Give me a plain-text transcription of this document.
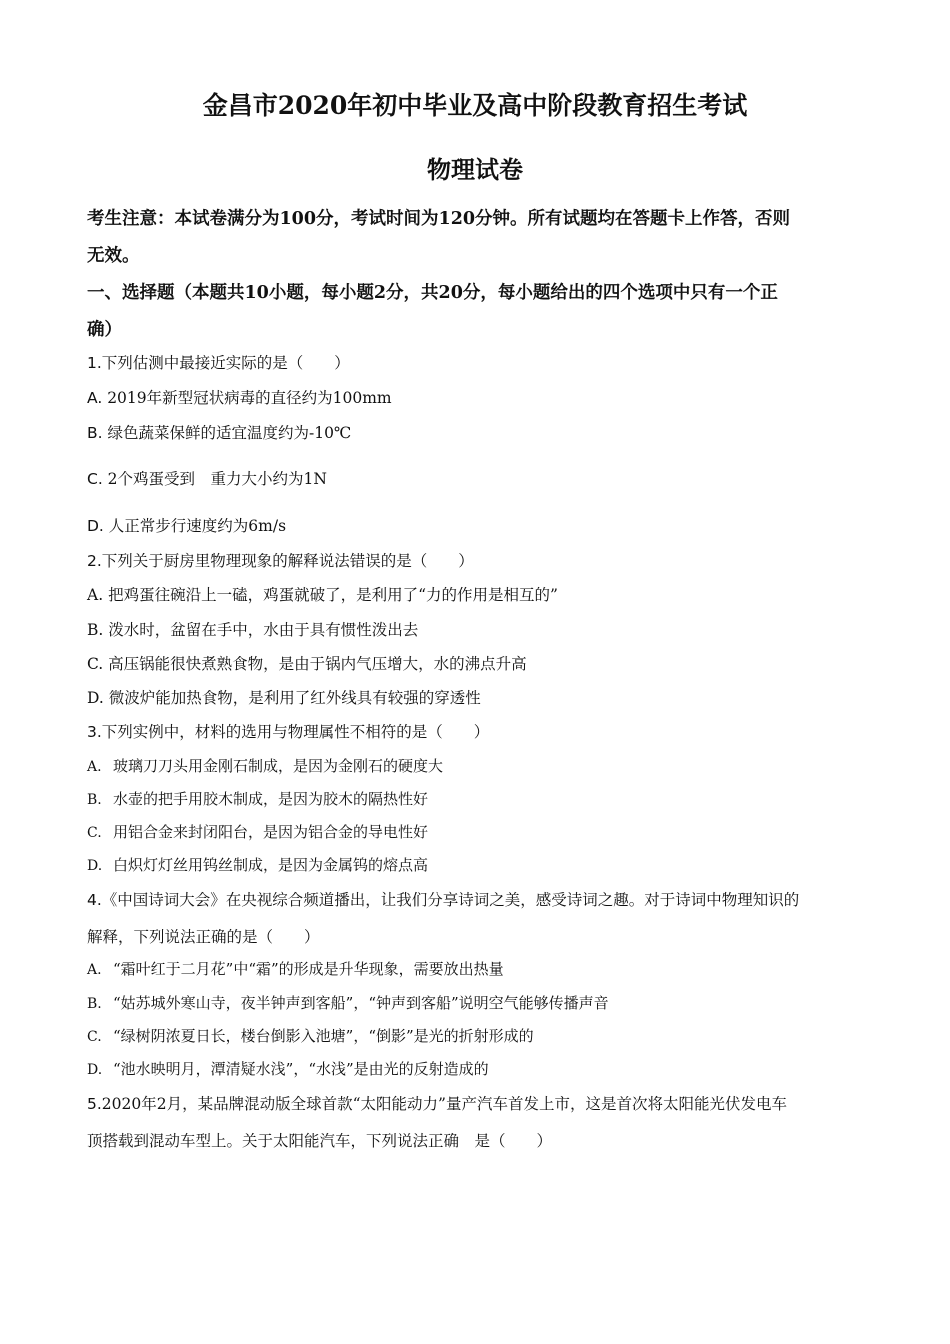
金昌市2020年初中毕业及高中阶段教育招生考试
物理试卷
考生注意：本试卷满分为100分，考试时间为120分钟。所有试题均在答题卡上作答，否则
无效。
一、选择题（本题共10小题，每小题2分，共20分，每小题给出的四个选项中只有一个正
确）
1.下列估测中最接近实际的是（　　）
A. 2019年新型冠状病毒的直径约为100mm
B. 绿色蔬菜保鲜的适宜温度约为-10℃
C. 2个鸡蛋受到　重力大小约为1N
D. 人正常步行速度约为6m/s
2.下列关于厨房里物理现象的解释说法错误的是（　　）
A. 把鸡蛋往碗沿上一磕，鸡蛋就破了，是利用了“力的作用是相互的”
B. 泼水时，盆留在手中，水由于具有惯性泼出去
C. 高压锅能很快煮熟食物，是由于锅内气压增大，水的沸点升高
D. 微波炉能加热食物，是利用了红外线具有较强的穿透性
3.下列实例中，材料的选用与物理属性不相符的是（　　）
A. 玻璃刀刀头用金刚石制成，是因为金刚石的硬度大
B. 水壶的把手用胶木制成，是因为胶木的隔热性好
C. 用铝合金来封闭阳台，是因为铝合金的导电性好
D. 白炽灯灯丝用钨丝制成，是因为金属钨的熔点高
4.《中国诗词大会》在央视综合频道播出，让我们分享诗词之美，感受诗词之趣。对于诗词中物理知识的
解释，下列说法正确的是（　　）
A. “霜叶红于二月花”中“霜”的形成是升华现象，需要放出热量
B. “姑苏城外寒山寺，夜半钟声到客船”，“钟声到客船”说明空气能够传播声音
C. “绿树阴浓夏日长，楼台倒影入池塘”，“倒影”是光的折射形成的
D. “池水映明月，潭清疑水浅”，“水浅”是由光的反射造成的
5.2020年2月，某品牌混动版全球首款“太阳能动力”量产汽车首发上市，这是首次将太阳能光伏发电车
顶搭载到混动车型上。关于太阳能汽车，下列说法正确　是（　　）
